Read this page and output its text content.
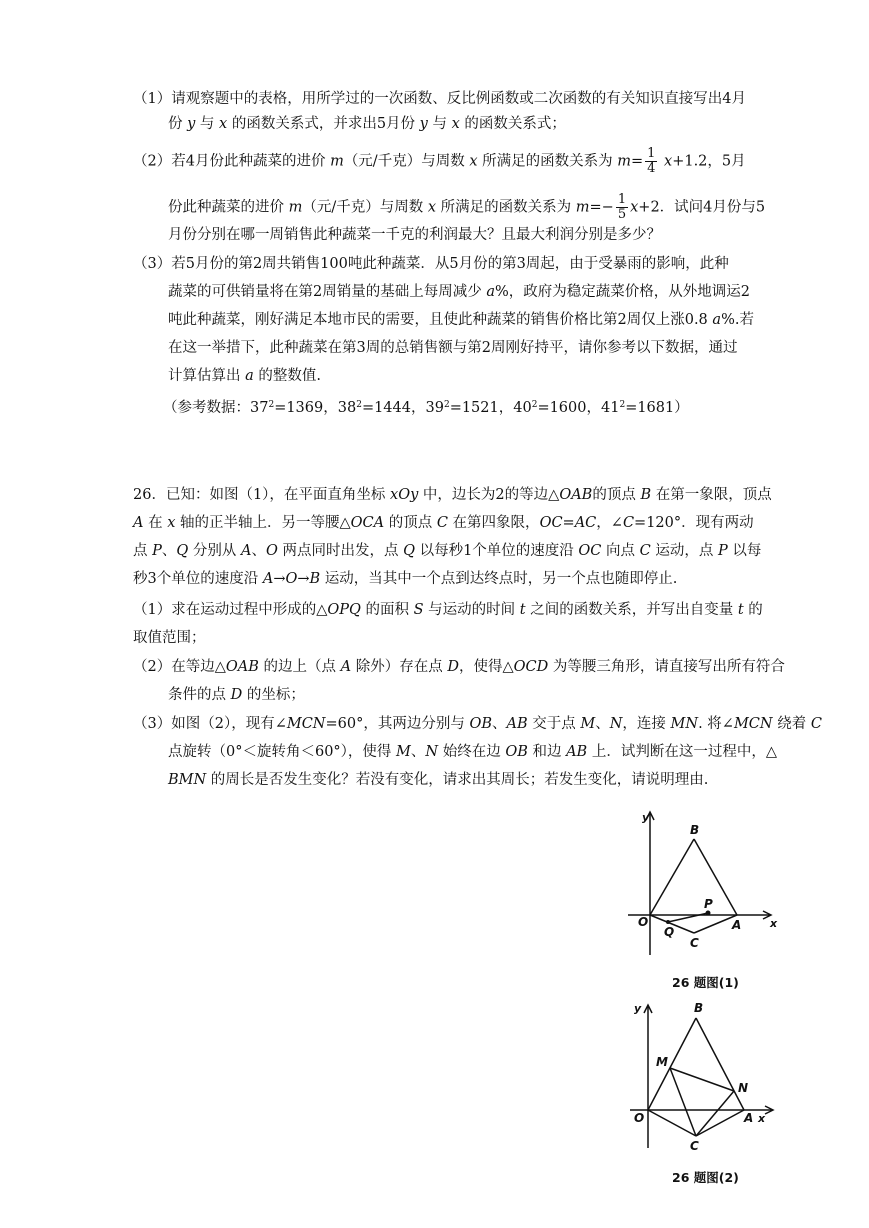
（1）请观察题中的表格，用所学过的一次函数、反比例函数或二次函数的有关知识直接写出4月
份 y 与 x 的函数关系式，并求出5月份 y 与 x 的函数关系式；
（2）若4月份此种蔬菜的进价 m（元/千克）与周数 x 所满足的函数关系为 $m= \frac{1}{4} x+1.2$，5月
份此种蔬菜的进价 m（元/千克）与周数 x 所满足的函数关系为 $m=- \frac{1}{5} x+2$．试问4月份与5
月份分别在哪一周销售此种蔬菜一千克的利润最大？且最大利润分别是多少？
（3）若5月份的第2周共销售100吨此种蔬菜．从5月份的第3周起，由于受暴雨的影响，此种
蔬菜的可供销量将在第2周销量的基础上每周减少 a%，政府为稳定蔬菜价格，从外地调运2
吨此种蔬菜，刚好满足本地市民的需要，且使此种蔬菜的销售价格比第2周仅上涨0.8 a%.若
在这一举措下，此种蔬菜在第3周的总销售额与第2周刚好持平，请你参考以下数据，通过
计算估算出 a 的整数值.
（参考数据：$37^2=1369$，$38^2=1444$，$39^2=1521$，$40^2=1600$，$41^2=1681$）
26．已知：如图（1），在平面直角坐标 xOy 中，边长为2的等边△OAB的顶点 B 在第一象限，顶点
A 在 x 轴的正半轴上．另一等腰△OCA 的顶点 C 在第四象限，OC=AC，∠C=120°．现有两动
点 P、Q 分别从 A、O 两点同时出发，点 Q 以每秒1个单位的速度沿 OC 向点 C 运动，点 P 以每
秒3个单位的速度沿 A→O→B 运动，当其中一个点到达终点时，另一个点也随即停止.
（1）求在运动过程中形成的△OPQ 的面积 S 与运动的时间 t 之间的函数关系，并写出自变量 t 的
取值范围；
（2）在等边△OAB 的边上（点 A 除外）存在点 D，使得△OCD 为等腰三角形，请直接写出所有符合
条件的点 D 的坐标；
（3）如图（2），现有∠MCN=60°，其两边分别与 OB、AB 交于点 M、N，连接 MN. 将∠MCN 绕着 C
点旋转（0°＜旋转角＜60°），使得 M、N 始终在边 OB 和边 AB 上．试判断在这一过程中，△
BMN 的周长是否发生变化？若没有变化，请求出其周长；若发生变化，请说明理由.
y
x
O
B
A
C
P
Q
26 题图(1)
y
x
O
B
A
C
M
N
26 题图(2)
